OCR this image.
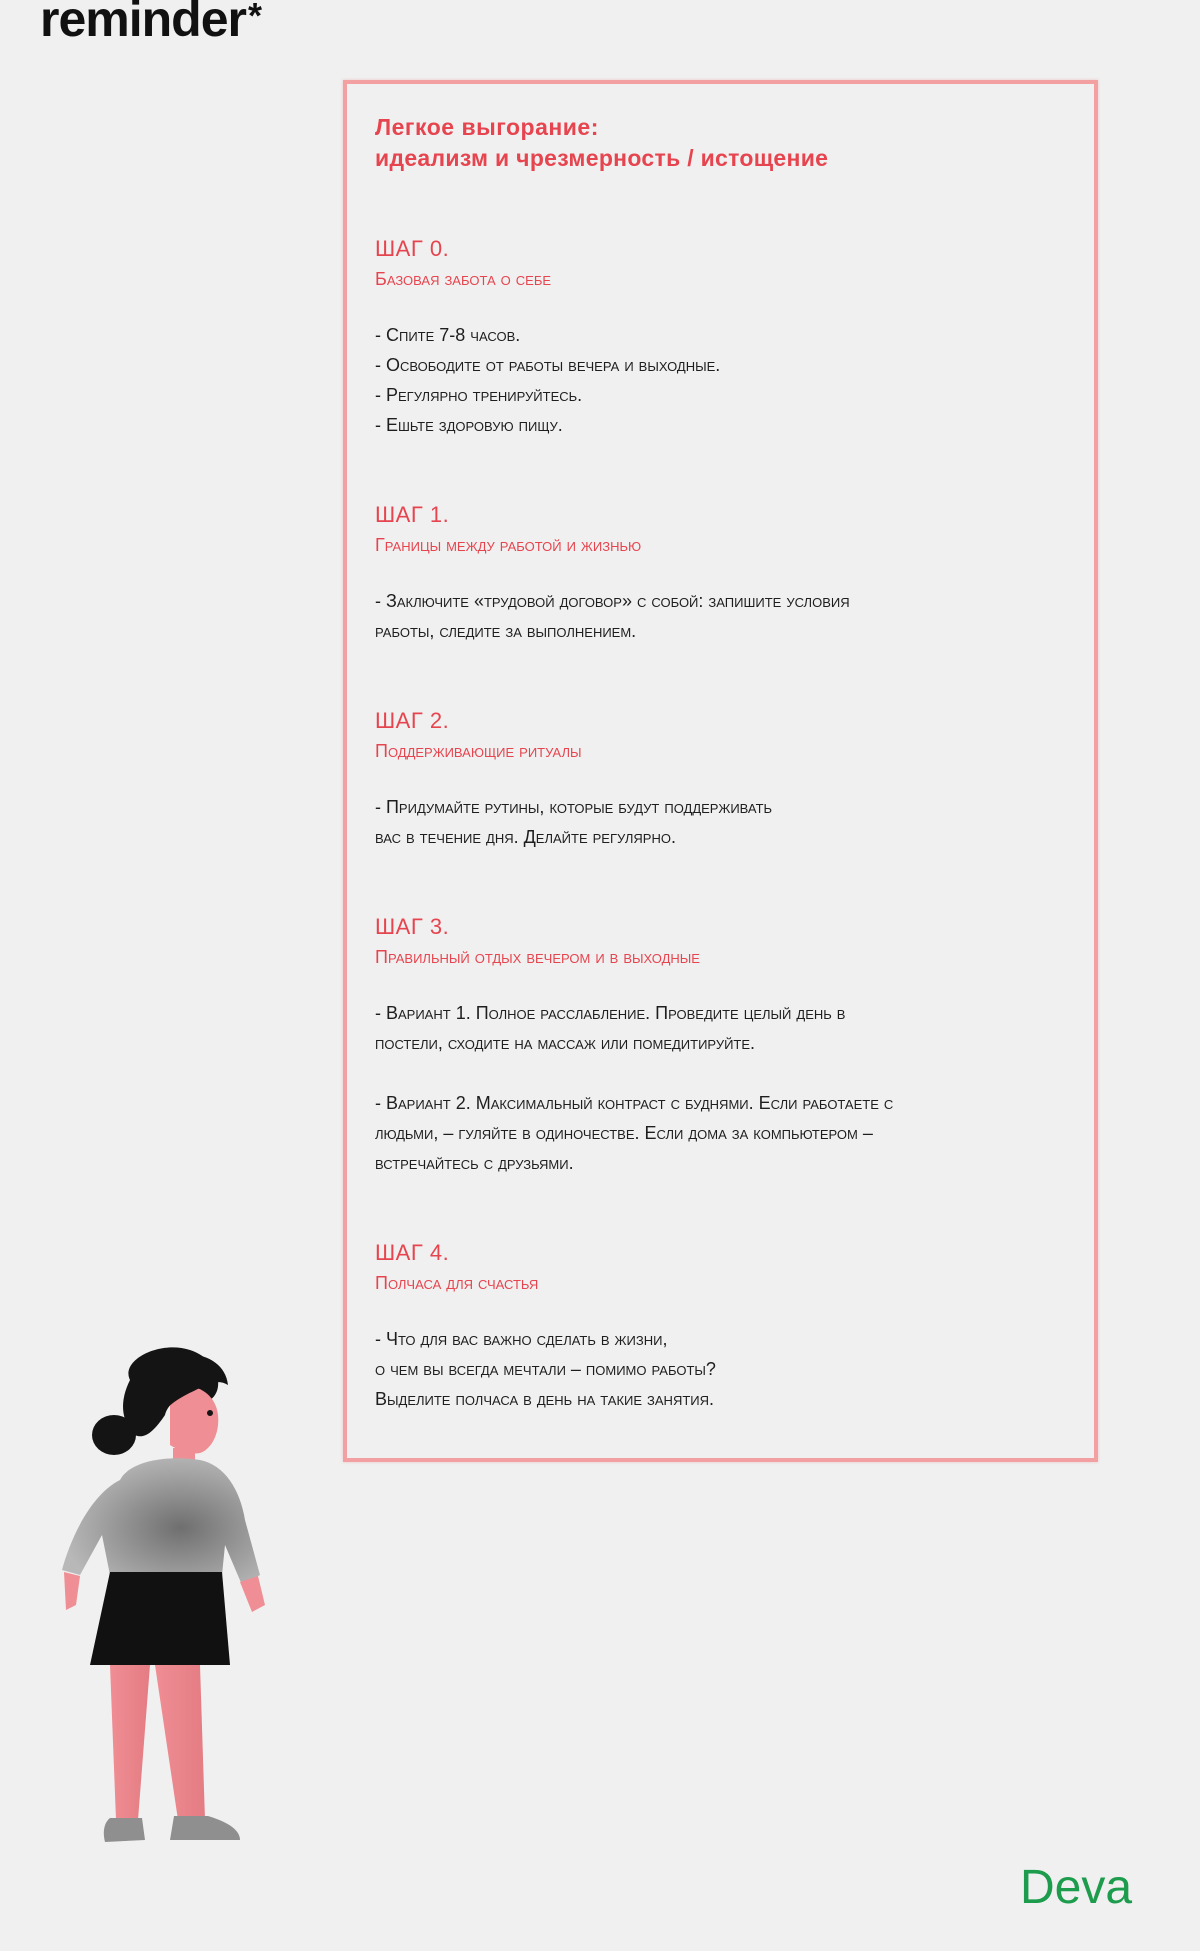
reminder*
Легкое выгорание:
идеализм и чрезмерность / истощение
ШАГ 0.
Базовая забота о себе

- Спите 7-8 часов.

- Освободите от работы вечера и выходные.

- Регулярно тренируйтесь.

- Ешьте здоровую пищу.

ШАГ 1.
Границы между работой и жизнью

- Заключите «трудовой договор» с собой: запишите условия
работы, следите за выполнением.

ШАГ 2.
Поддерживающие ритуалы

- Придумайте рутины, которые будут поддерживать
вас в течение дня. Делайте регулярно.

ШАГ 3.
Правильный отдых вечером и в выходные

- Вариант 1. Полное расслабление. Проведите целый день в
постели, сходите на массаж или помедитируйте.

- Вариант 2. Максимальный контраст с буднями. Если работаете с
людьми, – гуляйте в одиночестве. Если дома за компьютером –
встречайтесь с друзьями.

ШАГ 4.
Полчаса для счастья

- Что для вас важно сделать в жизни,
о чем вы всегда мечтали – помимо работы?
Выделите полчаса в день на такие занятия.

Deva
